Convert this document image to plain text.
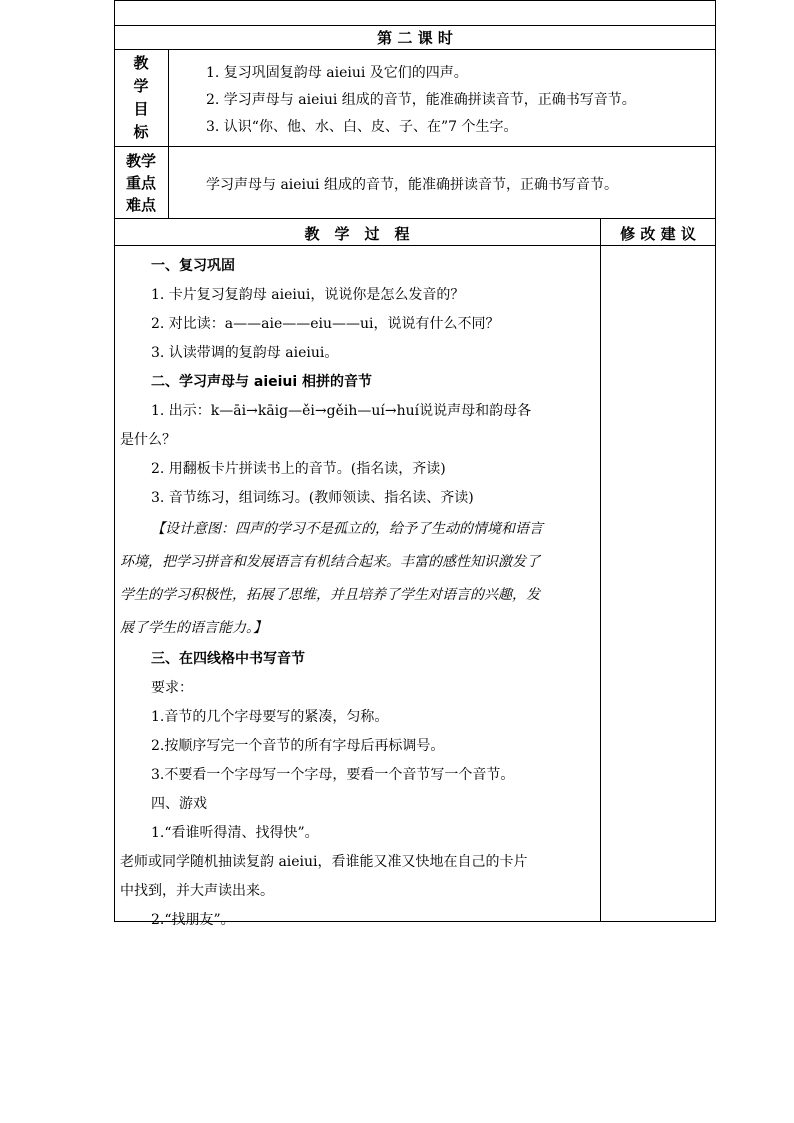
第 二 课 时
教
学
目
标
1. 复习巩固复韵母 aieiui 及它们的四声。
2. 学习声母与 aieiui 组成的音节，能准确拼读音节，正确书写音节。
3. 认识“你、他、水、白、皮、子、在”7 个生字。
教学
重点
难点
学习声母与 aieiui 组成的音节，能准确拼读音节，正确书写音节。
教　学　过　程	修 改 建 议
一、复习巩固
1. 卡片复习复韵母 aieiui，说说你是怎么发音的？
2. 对比读：a——aie——eiu——ui，说说有什么不同？
3. 认读带调的复韵母 aieiui。
二、学习声母与 aieiui 相拼的音节
1. 出示：k—āi→kāig—ěi→gěih—uí→huí说说声母和韵母各
是什么？
2. 用翻板卡片拼读书上的音节。(指名读，齐读)
3. 音节练习，组词练习。(教师领读、指名读、齐读)
【设计意图：四声的学习不是孤立的，给予了生动的情境和语言
环境，把学习拼音和发展语言有机结合起来。丰富的感性知识激发了
学生的学习积极性，拓展了思维，并且培养了学生对语言的兴趣，发
展了学生的语言能力。】
三、在四线格中书写音节
要求：
1.音节的几个字母要写的紧凑，匀称。
2.按顺序写完一个音节的所有字母后再标调号。
3.不要看一个字母写一个字母，要看一个音节写一个音节。
四、游戏
1.“看谁听得清、找得快”。
老师或同学随机抽读复韵 aieiui，看谁能又准又快地在自己的卡片
中找到，并大声读出来。
2.“找朋友”。
